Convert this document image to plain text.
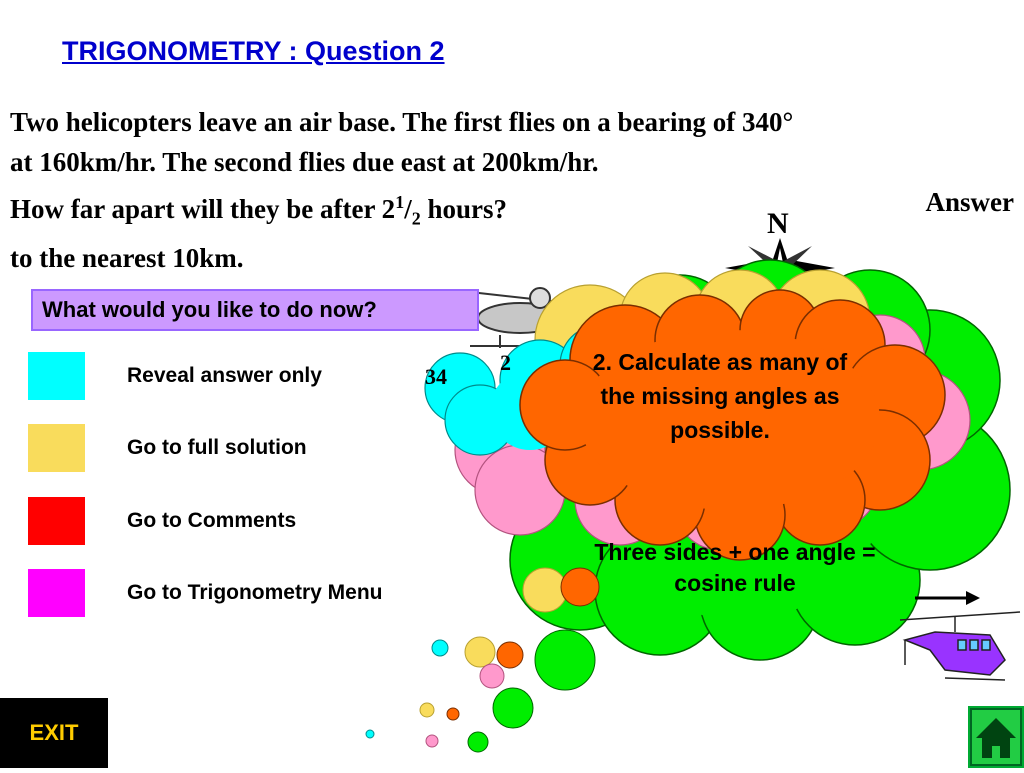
TRIGONOMETRY : Question 2
Two helicopters leave an air base. The first flies on a bearing of 340°
at 160km/hr. The second flies due east at 200km/hr.
How far apart will they be after $2^1/_2$ hours?	Answer
to the nearest 10km.
N
34
2
What would you like to do now?
Reveal answer only
Go to full solution
Go to Comments
Go to Trigonometry Menu
Three sides + one angle = cosine rule
2. Calculate as many of the missing angles as possible.
EXIT
